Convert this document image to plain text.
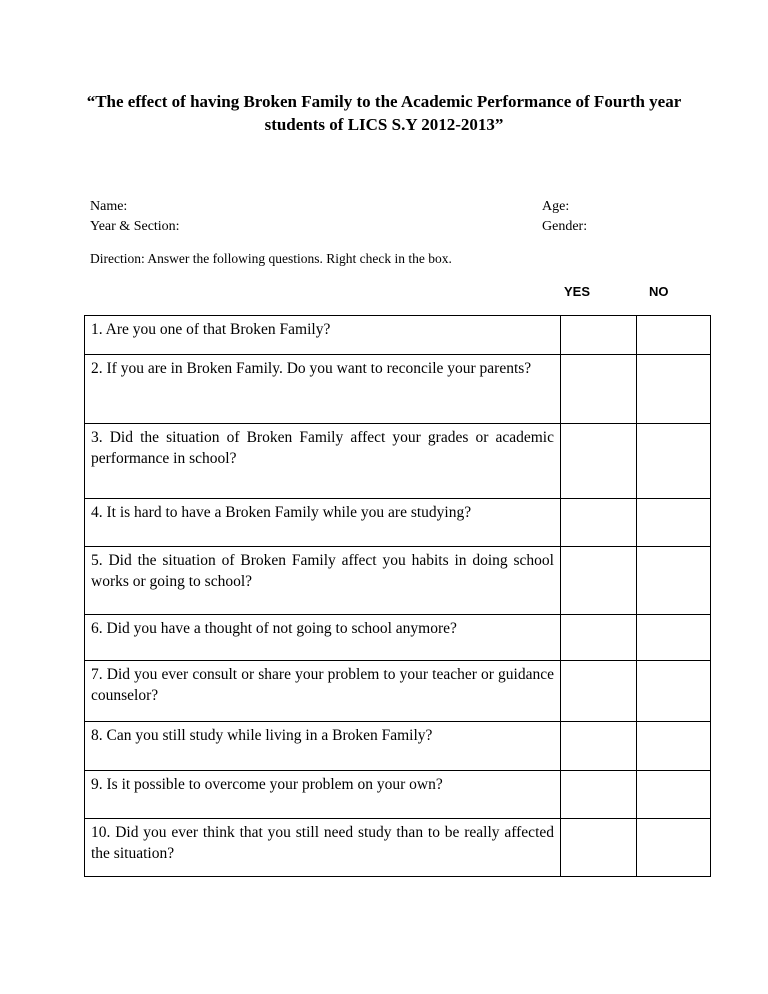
“The effect of having Broken Family to the Academic Performance of Fourth year students of LICS S.Y 2012-2013”
Name:	Age:
Year & Section:	Gender:
Direction: Answer the following questions. Right check in the box.
YES	NO
1. Are you one of that Broken Family?		
2. If you are in Broken Family. Do you want to reconcile your parents?		
3. Did the situation of Broken Family affect your grades or academic performance in school?		
4. It is hard to have a Broken Family while you are studying?		
5. Did the situation of Broken Family affect you habits in doing school works or going to school?		
6. Did you have a thought of not going to school anymore?		
7. Did you ever consult or share your problem to your teacher or guidance counselor?		
8. Can you still study while living in a Broken Family?		
9. Is it possible to overcome your problem on your own?		
10. Did you ever think that you still need study than to be really affected the situation?		
